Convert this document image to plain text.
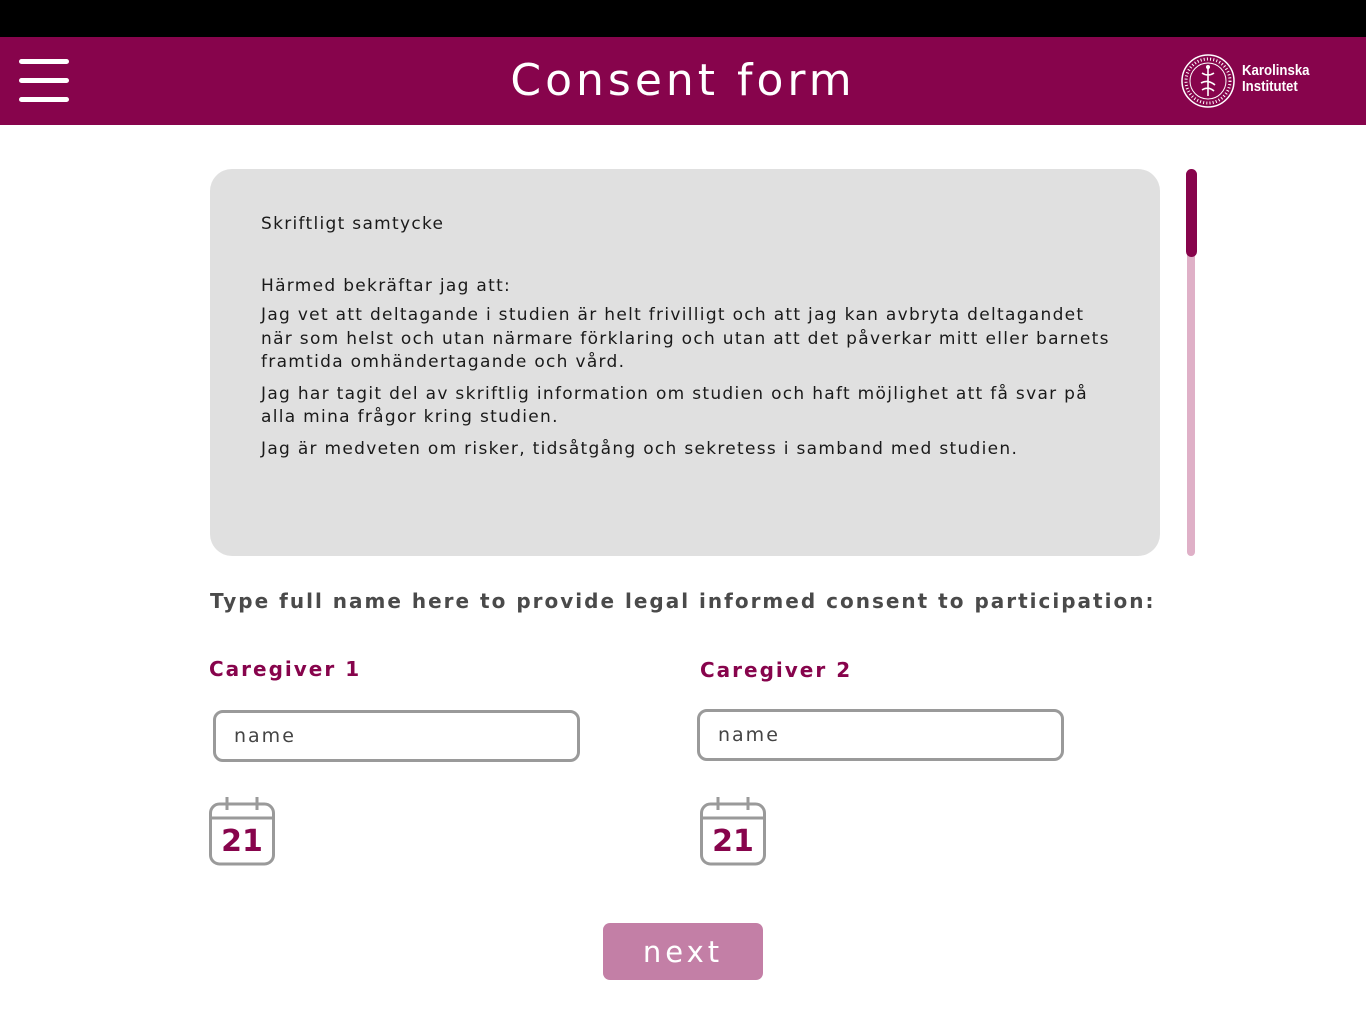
Consent form	Karolinska
Institutet

Skriftligt samtycke

Härmed bekräftar jag att:

Jag vet att deltagande i studien är helt frivilligt och att jag kan avbryta deltagandet när som helst och utan närmare förklaring och utan att det påverkar mitt eller barnets framtida omhändertagande och vård.

Jag har tagit del av skriftlig information om studien och haft möjlighet att få svar på alla mina frågor kring studien.

Jag är medveten om risker, tidsåtgång och sekretess i samband med studien.

Type full name here to provide legal informed consent to participation:
Caregiver 1
name
21
Caregiver 2
name
21
next
